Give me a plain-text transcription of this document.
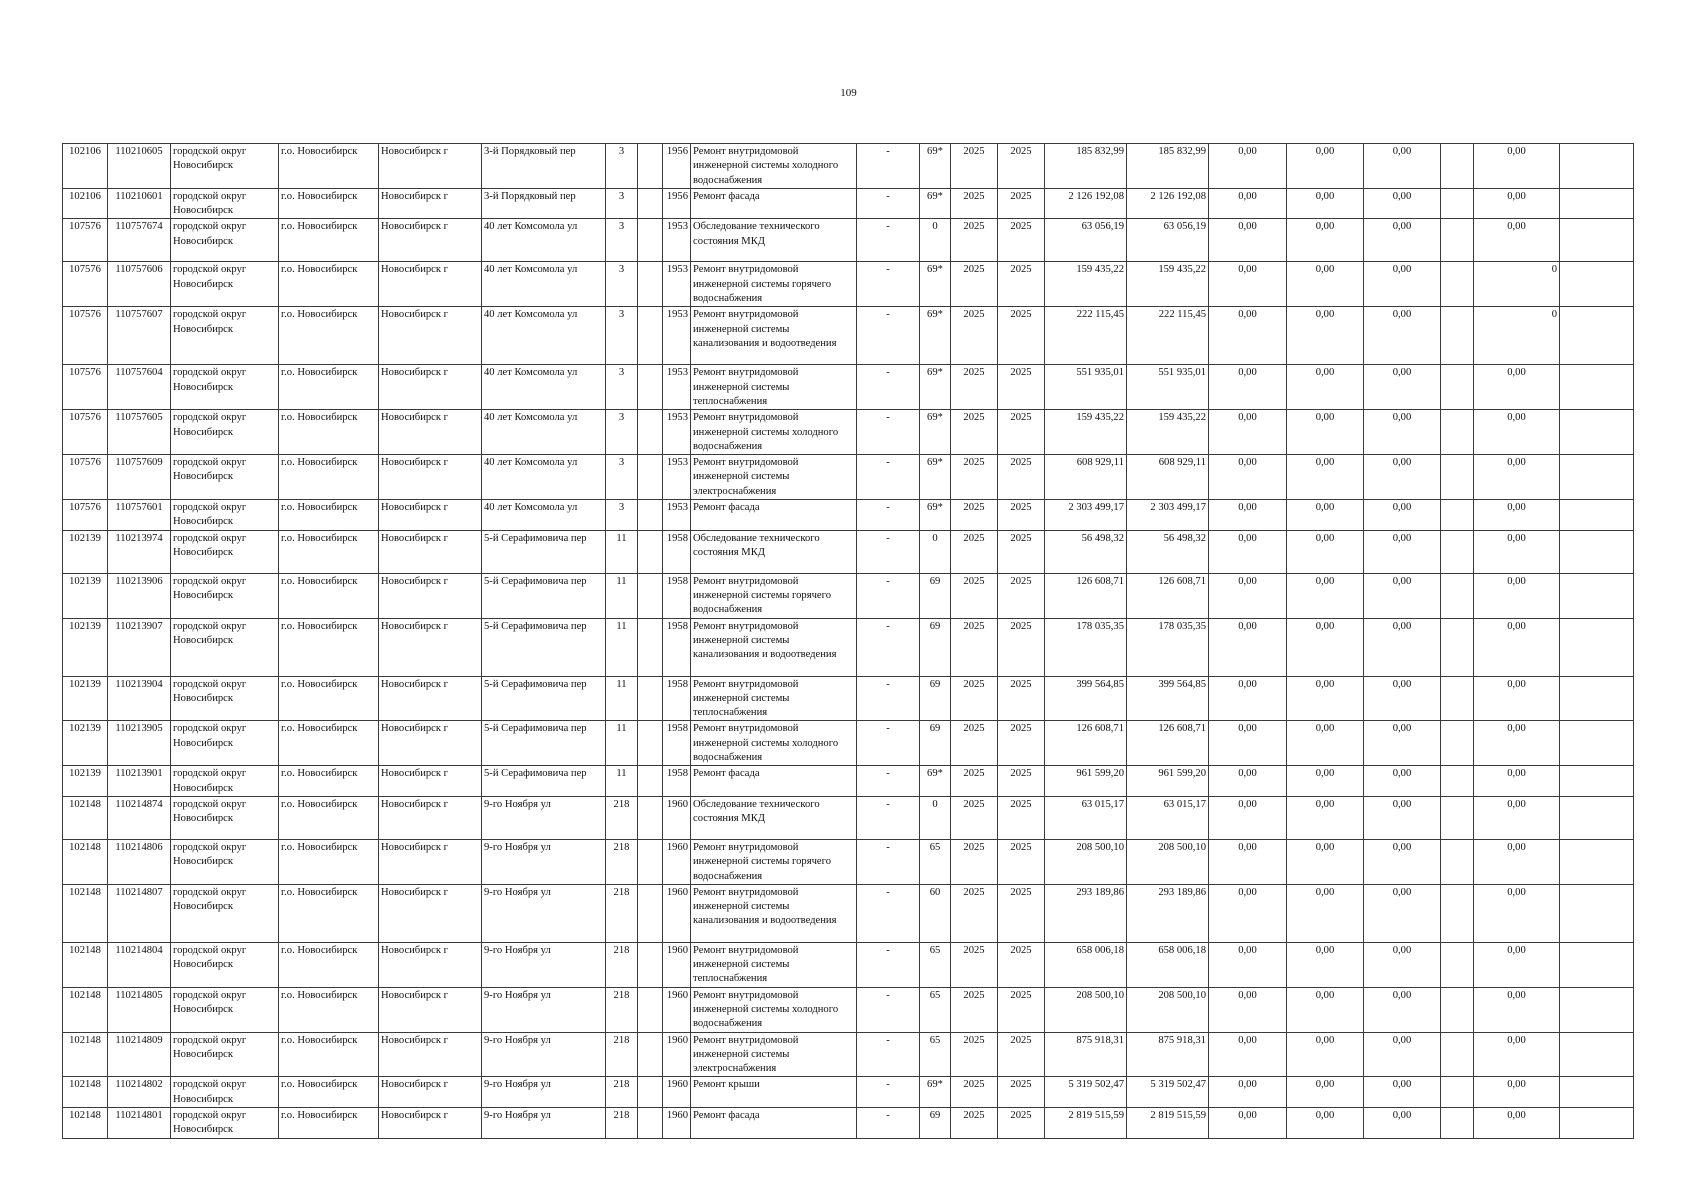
109
102106	110210605	городской округ Новосибирск	г.о. Новосибирск	Новосибирск г	3-й Порядковый пер	3		1956	Ремонт внутридомовой инженерной системы холодного водоснабжения	-	69*	2025	2025	185 832,99	185 832,99	0,00	0,00	0,00		0,00	
102106	110210601	городской округ Новосибирск	г.о. Новосибирск	Новосибирск г	3-й Порядковый пер	3		1956	Ремонт фасада	-	69*	2025	2025	2 126 192,08	2 126 192,08	0,00	0,00	0,00		0,00	
107576	110757674	городской округ Новосибирск	г.о. Новосибирск	Новосибирск г	40 лет Комсомола ул	3		1953	Обследование технического состояния МКД	-	0	2025	2025	63 056,19	63 056,19	0,00	0,00	0,00		0,00	
107576	110757606	городской округ Новосибирск	г.о. Новосибирск	Новосибирск г	40 лет Комсомола ул	3		1953	Ремонт внутридомовой инженерной системы горячего водоснабжения	-	69*	2025	2025	159 435,22	159 435,22	0,00	0,00	0,00		0	
107576	110757607	городской округ Новосибирск	г.о. Новосибирск	Новосибирск г	40 лет Комсомола ул	3		1953	Ремонт внутридомовой инженерной системы канализования и водоотведения	-	69*	2025	2025	222 115,45	222 115,45	0,00	0,00	0,00		0	
107576	110757604	городской округ Новосибирск	г.о. Новосибирск	Новосибирск г	40 лет Комсомола ул	3		1953	Ремонт внутридомовой инженерной системы теплоснабжения	-	69*	2025	2025	551 935,01	551 935,01	0,00	0,00	0,00		0,00	
107576	110757605	городской округ Новосибирск	г.о. Новосибирск	Новосибирск г	40 лет Комсомола ул	3		1953	Ремонт внутридомовой инженерной системы холодного водоснабжения	-	69*	2025	2025	159 435,22	159 435,22	0,00	0,00	0,00		0,00	
107576	110757609	городской округ Новосибирск	г.о. Новосибирск	Новосибирск г	40 лет Комсомола ул	3		1953	Ремонт внутридомовой инженерной системы электроснабжения	-	69*	2025	2025	608 929,11	608 929,11	0,00	0,00	0,00		0,00	
107576	110757601	городской округ Новосибирск	г.о. Новосибирск	Новосибирск г	40 лет Комсомола ул	3		1953	Ремонт фасада	-	69*	2025	2025	2 303 499,17	2 303 499,17	0,00	0,00	0,00		0,00	
102139	110213974	городской округ Новосибирск	г.о. Новосибирск	Новосибирск г	5-й Серафимовича пер	11		1958	Обследование технического состояния МКД	-	0	2025	2025	56 498,32	56 498,32	0,00	0,00	0,00		0,00	
102139	110213906	городской округ Новосибирск	г.о. Новосибирск	Новосибирск г	5-й Серафимовича пер	11		1958	Ремонт внутридомовой инженерной системы горячего водоснабжения	-	69	2025	2025	126 608,71	126 608,71	0,00	0,00	0,00		0,00	
102139	110213907	городской округ Новосибирск	г.о. Новосибирск	Новосибирск г	5-й Серафимовича пер	11		1958	Ремонт внутридомовой инженерной системы канализования и водоотведения	-	69	2025	2025	178 035,35	178 035,35	0,00	0,00	0,00		0,00	
102139	110213904	городской округ Новосибирск	г.о. Новосибирск	Новосибирск г	5-й Серафимовича пер	11		1958	Ремонт внутридомовой инженерной системы теплоснабжения	-	69	2025	2025	399 564,85	399 564,85	0,00	0,00	0,00		0,00	
102139	110213905	городской округ Новосибирск	г.о. Новосибирск	Новосибирск г	5-й Серафимовича пер	11		1958	Ремонт внутридомовой инженерной системы холодного водоснабжения	-	69	2025	2025	126 608,71	126 608,71	0,00	0,00	0,00		0,00	
102139	110213901	городской округ Новосибирск	г.о. Новосибирск	Новосибирск г	5-й Серафимовича пер	11		1958	Ремонт фасада	-	69*	2025	2025	961 599,20	961 599,20	0,00	0,00	0,00		0,00	
102148	110214874	городской округ Новосибирск	г.о. Новосибирск	Новосибирск г	9-го Ноября ул	218		1960	Обследование технического состояния МКД	-	0	2025	2025	63 015,17	63 015,17	0,00	0,00	0,00		0,00	
102148	110214806	городской округ Новосибирск	г.о. Новосибирск	Новосибирск г	9-го Ноября ул	218		1960	Ремонт внутридомовой инженерной системы горячего водоснабжения	-	65	2025	2025	208 500,10	208 500,10	0,00	0,00	0,00		0,00	
102148	110214807	городской округ Новосибирск	г.о. Новосибирск	Новосибирск г	9-го Ноября ул	218		1960	Ремонт внутридомовой инженерной системы канализования и водоотведения	-	60	2025	2025	293 189,86	293 189,86	0,00	0,00	0,00		0,00	
102148	110214804	городской округ Новосибирск	г.о. Новосибирск	Новосибирск г	9-го Ноября ул	218		1960	Ремонт внутридомовой инженерной системы теплоснабжения	-	65	2025	2025	658 006,18	658 006,18	0,00	0,00	0,00		0,00	
102148	110214805	городской округ Новосибирск	г.о. Новосибирск	Новосибирск г	9-го Ноября ул	218		1960	Ремонт внутридомовой инженерной системы холодного водоснабжения	-	65	2025	2025	208 500,10	208 500,10	0,00	0,00	0,00		0,00	
102148	110214809	городской округ Новосибирск	г.о. Новосибирск	Новосибирск г	9-го Ноября ул	218		1960	Ремонт внутридомовой инженерной системы электроснабжения	-	65	2025	2025	875 918,31	875 918,31	0,00	0,00	0,00		0,00	
102148	110214802	городской округ Новосибирск	г.о. Новосибирск	Новосибирск г	9-го Ноября ул	218		1960	Ремонт крыши	-	69*	2025	2025	5 319 502,47	5 319 502,47	0,00	0,00	0,00		0,00	
102148	110214801	городской округ Новосибирск	г.о. Новосибирск	Новосибирск г	9-го Ноября ул	218		1960	Ремонт фасада	-	69	2025	2025	2 819 515,59	2 819 515,59	0,00	0,00	0,00		0,00	
